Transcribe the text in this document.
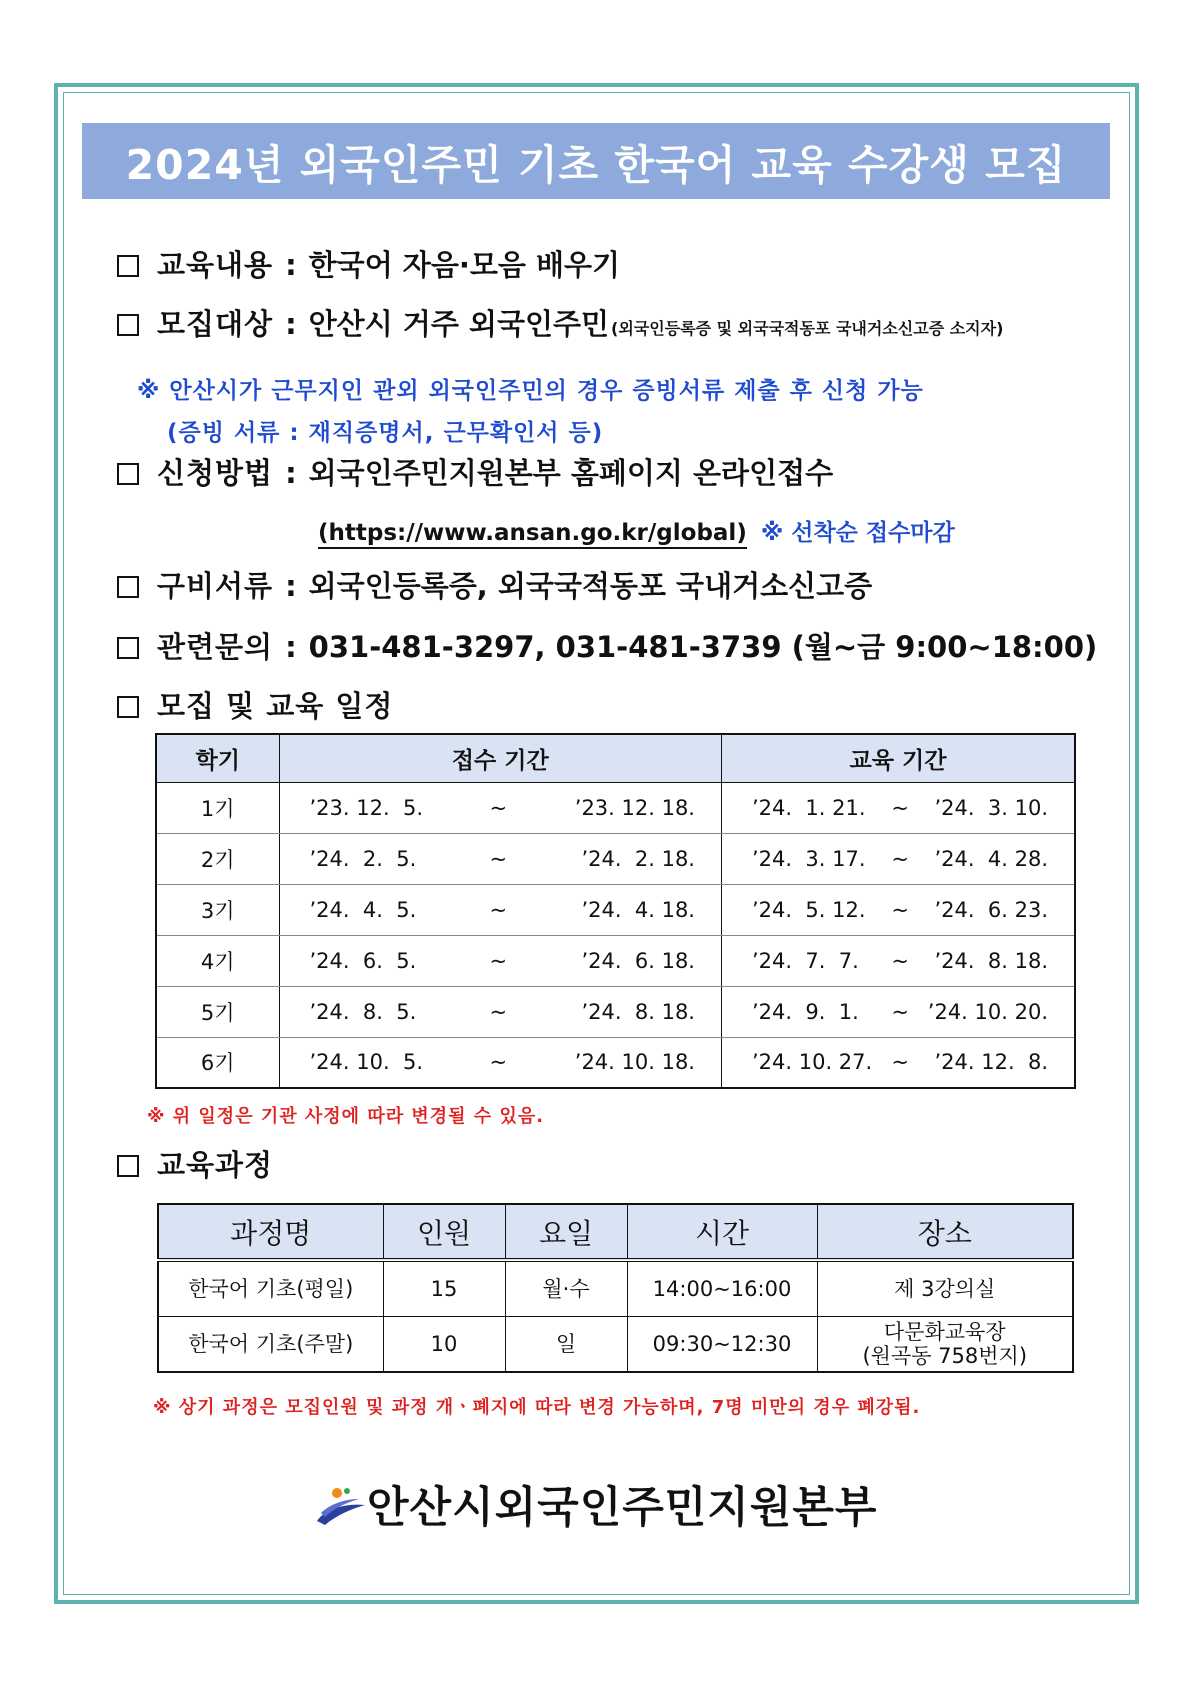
2024년 외국인주민 기초 한국어 교육 수강생 모집
교육내용 : 한국어 자음·모음 배우기
모집대상 : 안산시 거주 외국인주민 (외국인등록증 및 외국국적동포 국내거소신고증 소지자)
※ 안산시가 근무지인 관외 외국인주민의 경우 증빙서류 제출 후 신청 가능
(증빙 서류 : 재직증명서, 근무확인서 등)
신청방법 : 외국인주민지원본부 홈페이지 온라인접수
(https://www.ansan.go.kr/global) ※ 선착순 접수마감
구비서류 : 외국인등록증, 외국국적동포 국내거소신고증
관련문의 : 031-481-3297, 031-481-3739 (월~금 9:00~18:00)
모집 및 교육 일정
학기	접수 기간			교육 기간		
1기	’23. 12.  5.	~	’23. 12. 18.	’24.  1. 21.	~	’24.  3. 10.
2기	’24.  2.  5.	~	’24.  2. 18.	’24.  3. 17.	~	’24.  4. 28.
3기	’24.  4.  5.	~	’24.  4. 18.	’24.  5. 12.	~	’24.  6. 23.
4기	’24.  6.  5.	~	’24.  6. 18.	’24.  7.  7.	~	’24.  8. 18.
5기	’24.  8.  5.	~	’24.  8. 18.	’24.  9.  1.	~	’24. 10. 20.
6기	’24. 10.  5.	~	’24. 10. 18.	’24. 10. 27.	~	’24. 12.  8.
※ 위 일정은 기관 사정에 따라 변경될 수 있음.
교육과정
과정명	인원	요일	시간	장소
한국어 기초(평일)	15	월·수	14:00~16:00	제 3강의실

한국어 기초(주말)	10	일	09:30~12:30	다문화교육장
(원곡동 758번지)
※ 상기 과정은 모집인원 및 과정 개ㆍ폐지에 따라 변경 가능하며, 7명 미만의 경우 폐강됨.
안산시외국인주민지원본부
